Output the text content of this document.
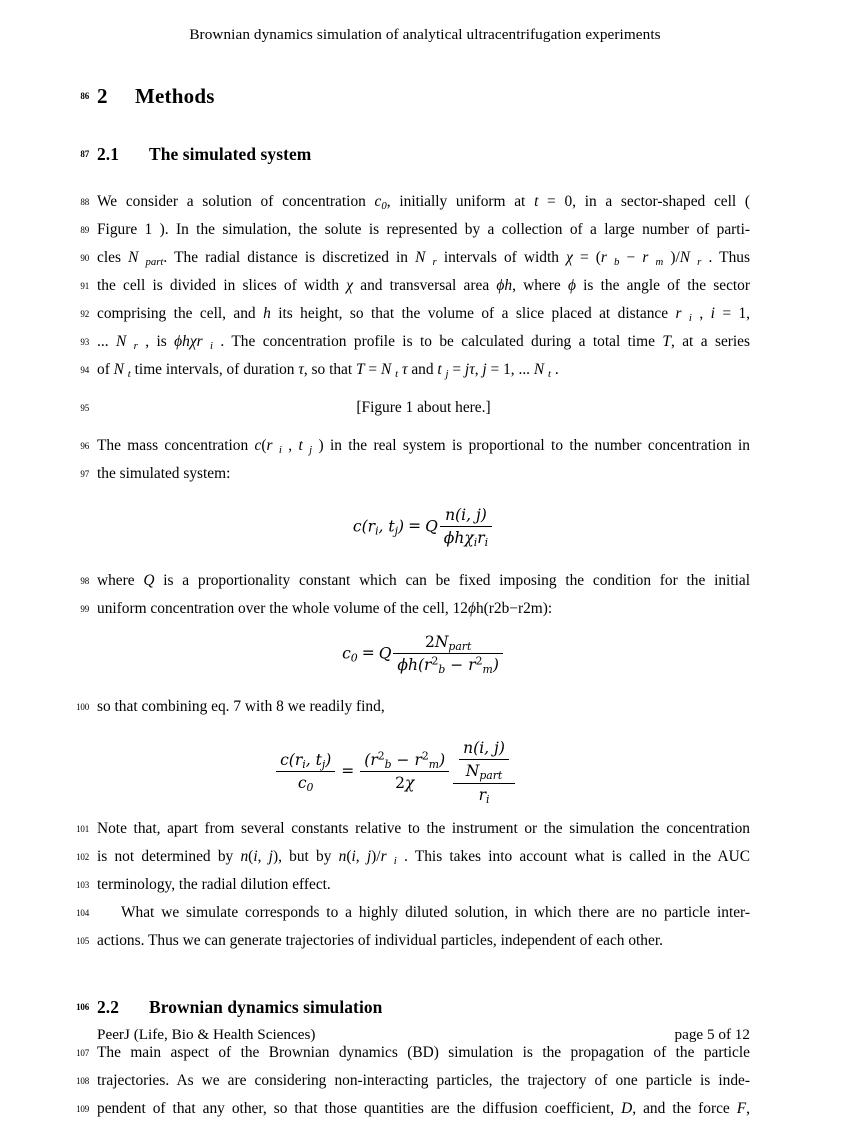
Brownian dynamics simulation of analytical ultracentrifugation experiments
86 2 Methods
87 2.1 The simulated system
88 We consider a solution of concentration $c_0$, initially uniform at t = 0, in a sector-shaped cell (
89 Figure 1 ). In the simulation, the solute is represented by a collection of a large number of parti-
90 cles N $_{part}$. The radial distance is discretized in N $_r$ intervals of width χ = (r $_b$ − r $_m$ )/N $_r$ . Thus
91 the cell is divided in slices of width χ and transversal area ϕh, where ϕ is the angle of the sector
92 comprising the cell, and h its height, so that the volume of a slice placed at distance r $_i$ , i = 1,
93 ... N $_r$ , is ϕhχr $_i$ . The concentration profile is to be calculated during a total time T, at a series
94 of N $_t$ time intervals, of duration τ, so that T = N $_t$ τ and t $_j$ = jτ, j = 1, ... N $_t$ .
95	[Figure 1 about here.]
96 The mass concentration c(r $_i$ , t $_j$ ) in the real system is proportional to the number concentration in
97 the simulated system:
$c(r_i$, $t_j) = Q \frac{n(i, j)}{\phi h\chi_ir_i}$
98 where Q is a proportionality constant which can be fixed imposing the condition for the initial
99 uniform concentration over the whole volume of the cell, 12ϕh(r2b−r2m):
$c_0 = Q \frac{2N_{part}}{\phi h(r^2_b - r^2_m)}$
100 so that combining eq. 7 with 8 we readily find,
$\frac{c(r_i, t_j)}{c_0} = \frac{(r^2_b - r^2_m)}{2\chi} \frac{\frac{n(i, j)}{N_{part}}}{r_i}$
101 Note that, apart from several constants relative to the instrument or the simulation the concentration
102 is not determined by n(i, j), but by n(i, j)/r $_i$ . This takes into account what is called in the AUC
103 terminology, the radial dilution effect.
104	What we simulate corresponds to a highly diluted solution, in which there are no particle inter-
105 actions. Thus we can generate trajectories of individual particles, independent of each other.
106 2.2 Brownian dynamics simulation
107 The main aspect of the Brownian dynamics (BD) simulation is the propagation of the particle
108 trajectories. As we are considering non-interacting particles, the trajectory of one particle is inde-
109 pendent of that any other, so that those quantities are the diffusion coefficient, D, and the force F,
PeerJ (Life, Bio & Health Sciences)	page 5 of 12
